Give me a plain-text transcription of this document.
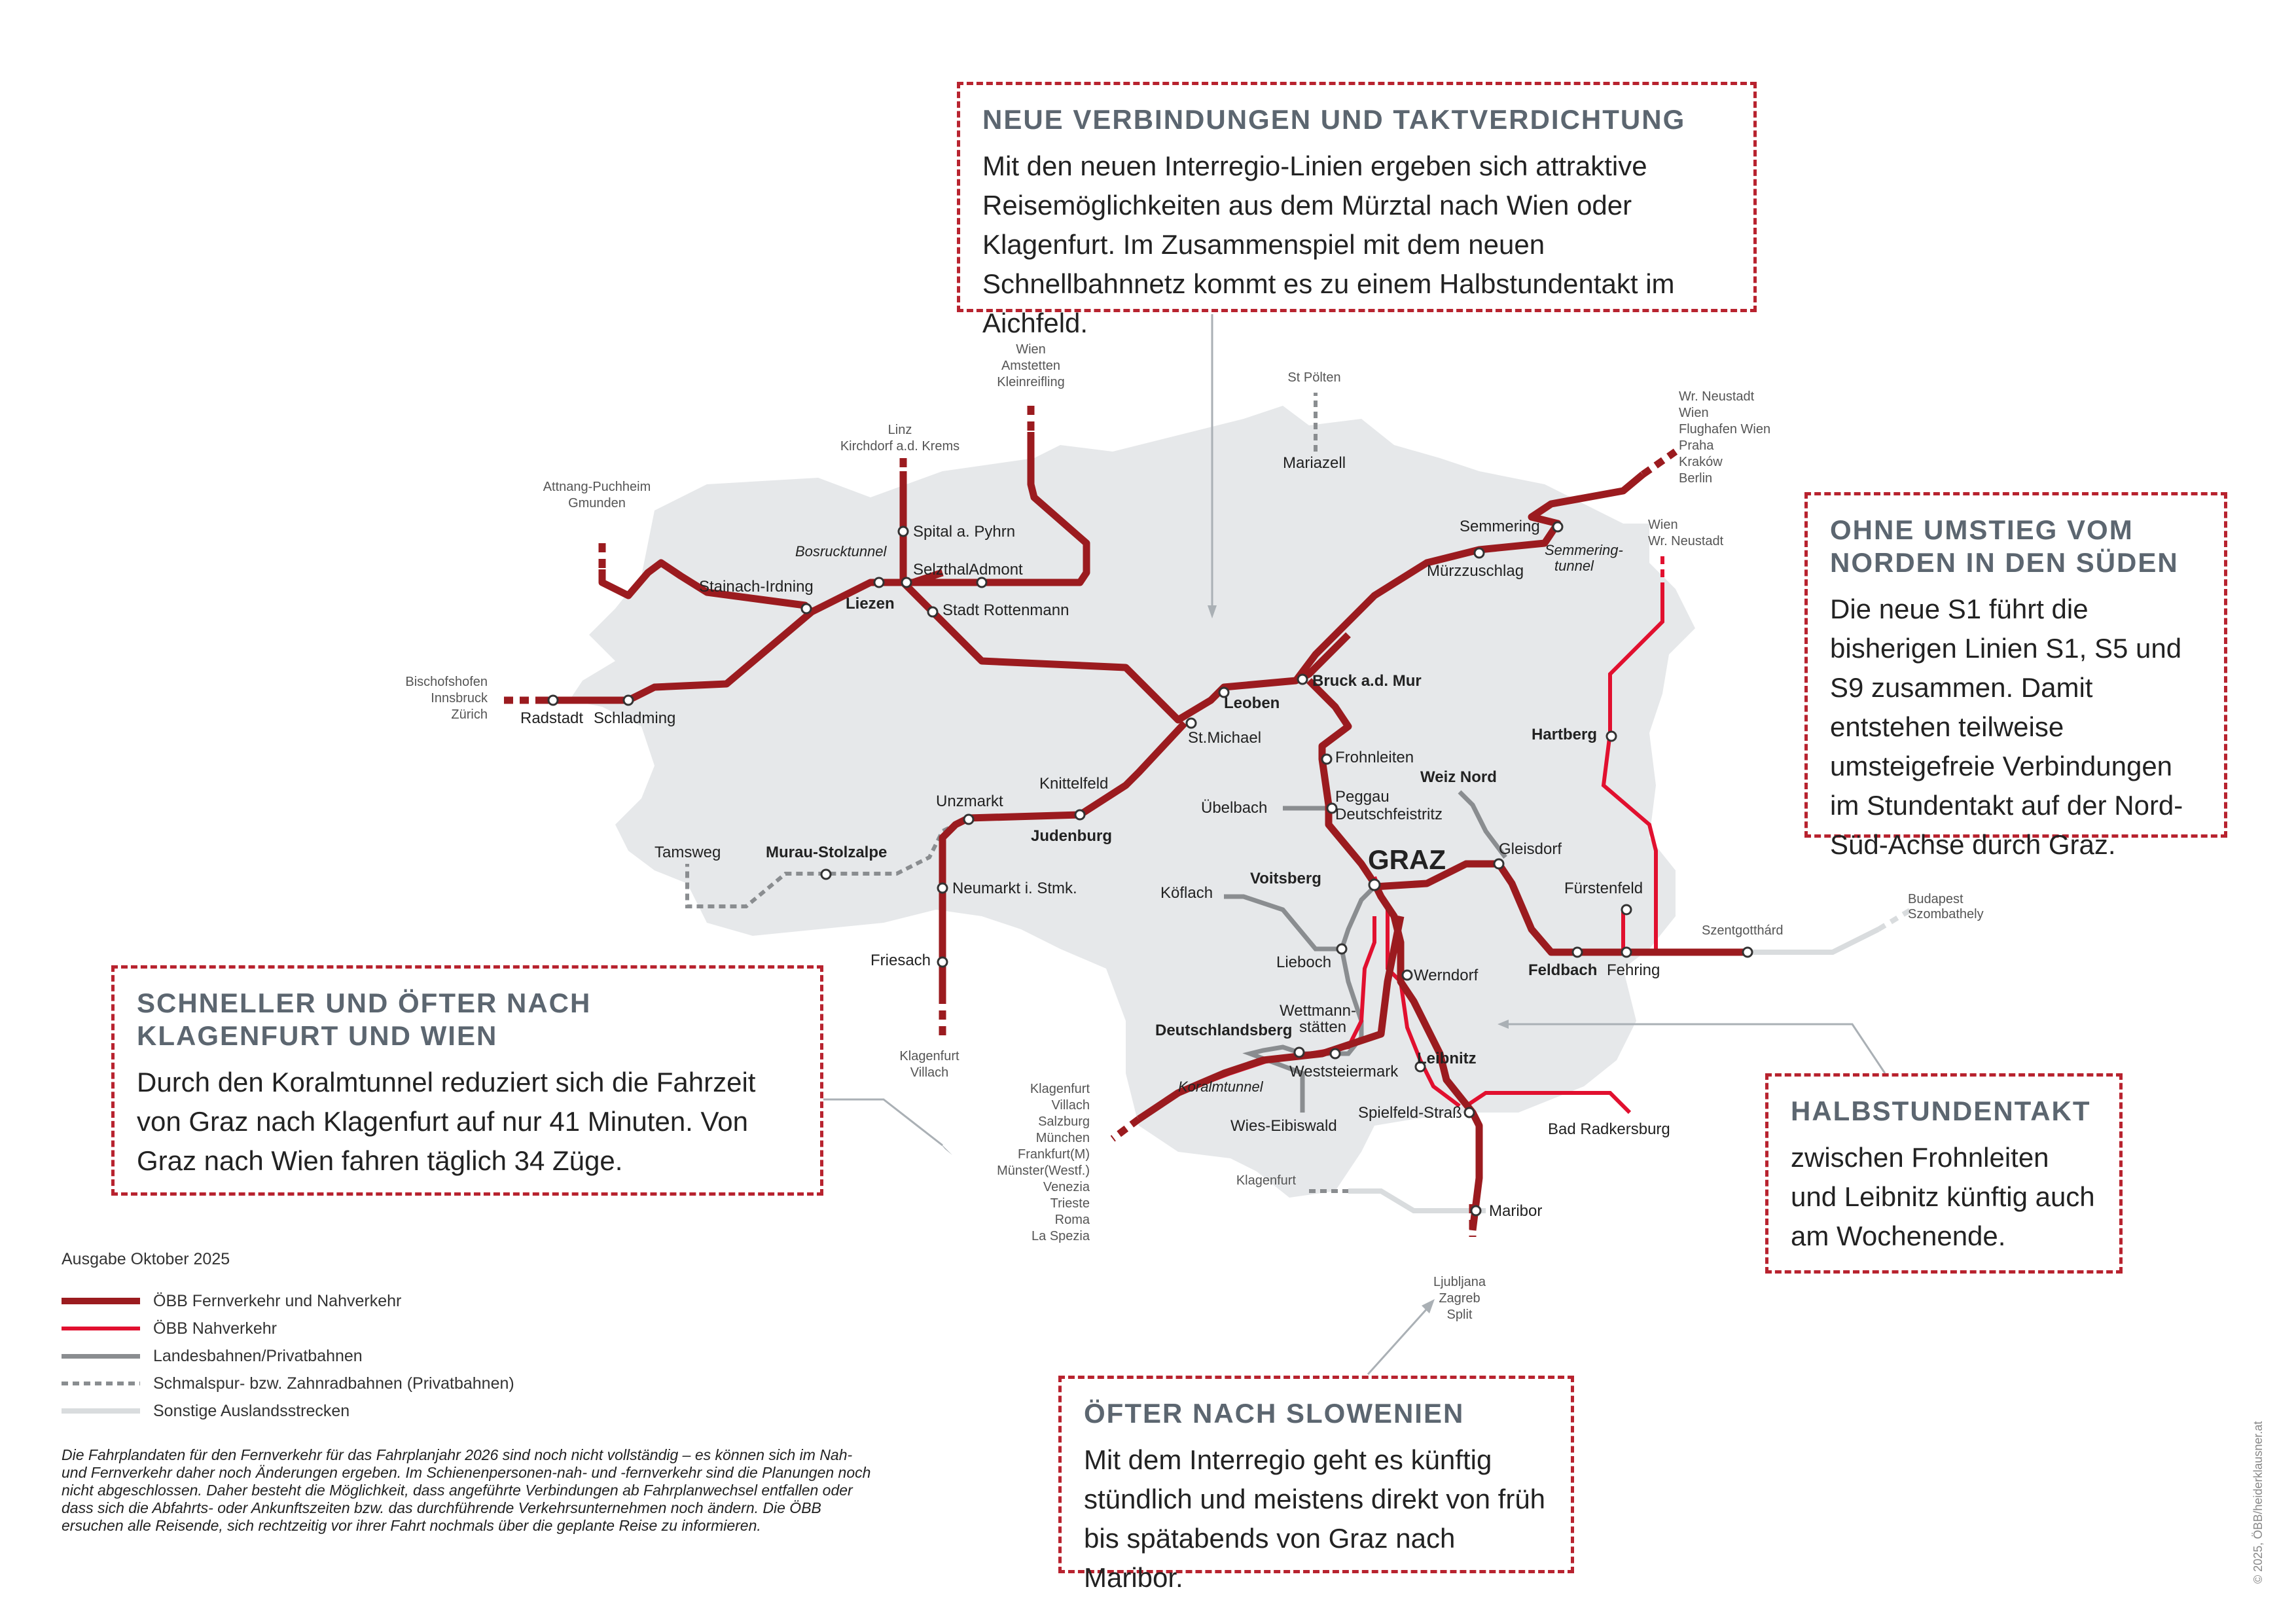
Spital a. Pyhrn
Selzthal Admont
Stainach-Irdning
Liezen	Stadt Rottenmann
Radstadt Schladming
Mariazell
Semmering
Mürzzuschlag
Bruck a.d. Mur
Leoben
St.Michael
Knittelfeld
Judenburg
Unzmarkt
Murau-Stolzalpe
Tamsweg
Neumarkt i. Stmk.
Friesach
Frohnleiten
Peggau
Deutschfeistritz
Übelbach
Weiz Nord
GRAZ	Gleisdorf
Hartberg
Fürstenfeld
Feldbach Fehring
Szentgotthárd
Köflach
Voitsberg
Lieboch
Werndorf
Wettmann-
stätten
Deutschlandsberg
Weststeiermark
Leibnitz
Spielfeld-Straß
Bad Radkersburg
Wies-Eibiswald
Maribor
Bosrucktunnel	Semmering-
tunnel
Koralmtunnel
Wien
Amstetten
Kleinreifling
Linz
Kirchdorf a.d. Krems
Attnang-Puchheim
Gmunden
St Pölten
Budapest
Szombathely
Klagenfurt
Villach
Ljubljana
Zagreb
Split
Bischofshofen
Innsbruck
Zürich
Klagenfurt
Villach
Salzburg
München
Frankfurt(M)
Münster(Westf.)
Venezia
Trieste
Roma
La Spezia
Klagenfurt
Wr. Neustadt
Wien
Flughafen Wien
Praha
Kraków
Berlin
Wien
Wr. Neustadt
NEUE VERBINDUNGEN UND TAKTVERDICHTUNG

Mit den neuen Interregio-Linien ergeben sich attraktive Reisemöglichkeiten aus dem Mürztal nach Wien oder Klagenfurt. Im Zusammenspiel mit dem neuen Schnellbahnnetz kommt es zu einem Halbstundentakt im Aichfeld.

OHNE UMSTIEG VOM NORDEN IN DEN SÜDEN

Die neue S1 führt die bisherigen Linien S1, S5 und S9 zusammen. Damit entstehen teilweise umsteigefreie Verbindungen im Stundentakt auf der Nord-Süd-Achse durch Graz.

SCHNELLER UND ÖFTER NACH KLAGENFURT UND WIEN

Durch den Koralmtunnel reduziert sich die Fahrzeit von Graz nach Klagenfurt auf nur 41 Minuten. Von Graz nach Wien fahren täglich 34 Züge.

HALBSTUNDENTAKT

zwischen Frohnleiten und Leibnitz künftig auch am Wochenende.

ÖFTER NACH SLOWENIEN

Mit dem Interregio geht es künftig stündlich und meistens direkt von früh bis spätabends von Graz nach Maribor.

Ausgabe Oktober 2025
ÖBB Fernverkehr und Nahverkehr
ÖBB Nahverkehr
Landesbahnen/Privatbahnen
Schmalspur- bzw. Zahnradbahnen (Privatbahnen)
Sonstige Auslandsstrecken
Die Fahrplandaten für den Fernverkehr für das Fahrplanjahr 2026 sind noch nicht vollständig – es können sich im Nah- und Fernverkehr daher noch Änderungen ergeben. Im Schienenpersonen-nah- und -fernverkehr sind die Planungen noch nicht abgeschlossen. Daher besteht die Möglichkeit, dass angeführte Verbindungen ab Fahrplanwechsel entfallen oder dass sich die Abfahrts- oder Ankunftszeiten bzw. das durchführende Verkehrsunternehmen noch ändern. Die ÖBB ersuchen alle Reisende, sich rechtzeitig vor ihrer Fahrt nochmals über die geplante Reise zu informieren.	© 2025, ÖBB/heiderklausner.at
